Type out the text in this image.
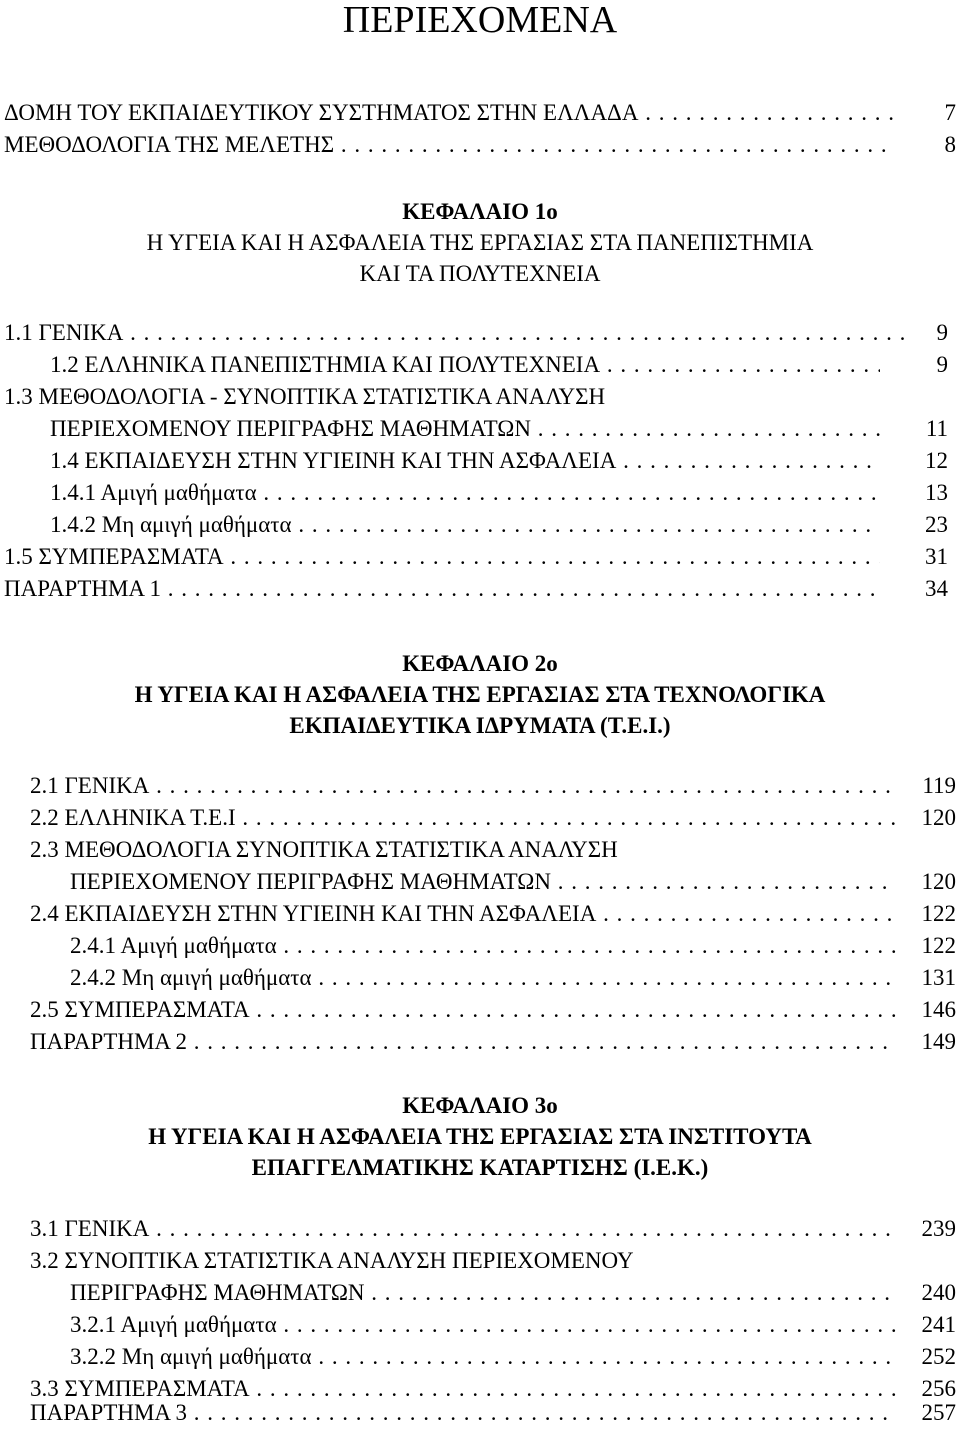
ΠΕΡΙΕΧΟΜΕΝΑ
ΔΟΜΗ ΤΟΥ ΕΚΠΑΙΔΕΥΤΙΚΟΥ ΣΥΣΤΗΜΑΤΟΣ ΣΤΗΝ ΕΛΛΑΔΑ . . .	7
ΜΕΘΟΔΟΛΟΓΙΑ ΤΗΣ ΜΕΛΕΤΗΣ . . .	8
ΚΕΦΑΛΑΙΟ 1ο
Η ΥΓΕΙΑ ΚΑΙ Η ΑΣΦΑΛΕΙΑ ΤΗΣ ΕΡΓΑΣΙΑΣ ΣΤΑ ΠΑΝΕΠΙΣΤΗΜΙΑ
ΚΑΙ ΤΑ ΠΟΛΥΤΕΧΝΕΙΑ
1.1 ΓΕΝΙΚΑ . . .	9
1.2 ΕΛΛΗΝΙΚΑ ΠΑΝΕΠΙΣΤΗΜΙΑ ΚΑΙ ΠΟΛΥΤΕΧΝΕΙΑ . . .	9
1.3 ΜΕΘΟΔΟΛΟΓΙΑ - ΣΥΝΟΠΤΙΚΑ ΣΤΑΤΙΣΤΙΚΑ ΑΝΑΛΥΣΗ
ΠΕΡΙΕΧΟΜΕΝΟΥ ΠΕΡΙΓΡΑΦΗΣ ΜΑΘΗΜΑΤΩΝ . . .	11
1.4 ΕΚΠΑΙΔΕΥΣΗ ΣΤΗΝ ΥΓΙΕΙΝΗ ΚΑΙ ΤΗΝ ΑΣΦΑΛΕΙΑ . . .	12
1.4.1 Αμιγή μαθήματα . . .	13
1.4.2 Μη αμιγή μαθήματα . . .	23
1.5 ΣΥΜΠΕΡΑΣΜΑΤΑ . . .	31
ΠΑΡΑΡΤΗΜΑ 1 . . .	34
ΚΕΦΑΛΑΙΟ 2ο
Η ΥΓΕΙΑ ΚΑΙ Η ΑΣΦΑΛΕΙΑ ΤΗΣ ΕΡΓΑΣΙΑΣ ΣΤΑ ΤΕΧΝΟΛΟΓΙΚΑ
ΕΚΠΑΙΔΕΥΤΙΚΑ ΙΔΡΥΜΑΤΑ (Τ.Ε.Ι.)
2.1 ΓΕΝΙΚΑ . . .	119
2.2 ΕΛΛΗΝΙΚΑ Τ.Ε.Ι . . .	120
2.3 ΜΕΘΟΔΟΛΟΓΙΑ ΣΥΝΟΠΤΙΚΑ ΣΤΑΤΙΣΤΙΚΑ ΑΝΑΛΥΣΗ
ΠΕΡΙΕΧΟΜΕΝΟΥ ΠΕΡΙΓΡΑΦΗΣ ΜΑΘΗΜΑΤΩΝ . . .	120
2.4 ΕΚΠΑΙΔΕΥΣΗ ΣΤΗΝ ΥΓΙΕΙΝΗ ΚΑΙ ΤΗΝ ΑΣΦΑΛΕΙΑ . . .	122
2.4.1 Αμιγή μαθήματα . . .	122
2.4.2 Μη αμιγή μαθήματα . . .	131
2.5 ΣΥΜΠΕΡΑΣΜΑΤΑ . . .	146
ΠΑΡΑΡΤΗΜΑ 2 . . .	149
ΚΕΦΑΛΑΙΟ 3ο
Η ΥΓΕΙΑ ΚΑΙ Η ΑΣΦΑΛΕΙΑ ΤΗΣ ΕΡΓΑΣΙΑΣ ΣΤΑ ΙΝΣΤΙΤΟΥΤΑ
ΕΠΑΓΓΕΛΜΑΤΙΚΗΣ ΚΑΤΑΡΤΙΣΗΣ (Ι.Ε.Κ.)
3.1 ΓΕΝΙΚΑ . . .	239
3.2 ΣΥΝΟΠΤΙΚΑ ΣΤΑΤΙΣΤΙΚΑ ΑΝΑΛΥΣΗ ΠΕΡΙΕΧΟΜΕΝΟΥ
ΠΕΡΙΓΡΑΦΗΣ ΜΑΘΗΜΑΤΩΝ . . .	240
3.2.1 Αμιγή μαθήματα . . .	241
3.2.2 Μη αμιγή μαθήματα . . .	252
3.3 ΣΥΜΠΕΡΑΣΜΑΤΑ . . .	256
ΠΑΡΑΡΤΗΜΑ 3 . . .	257
